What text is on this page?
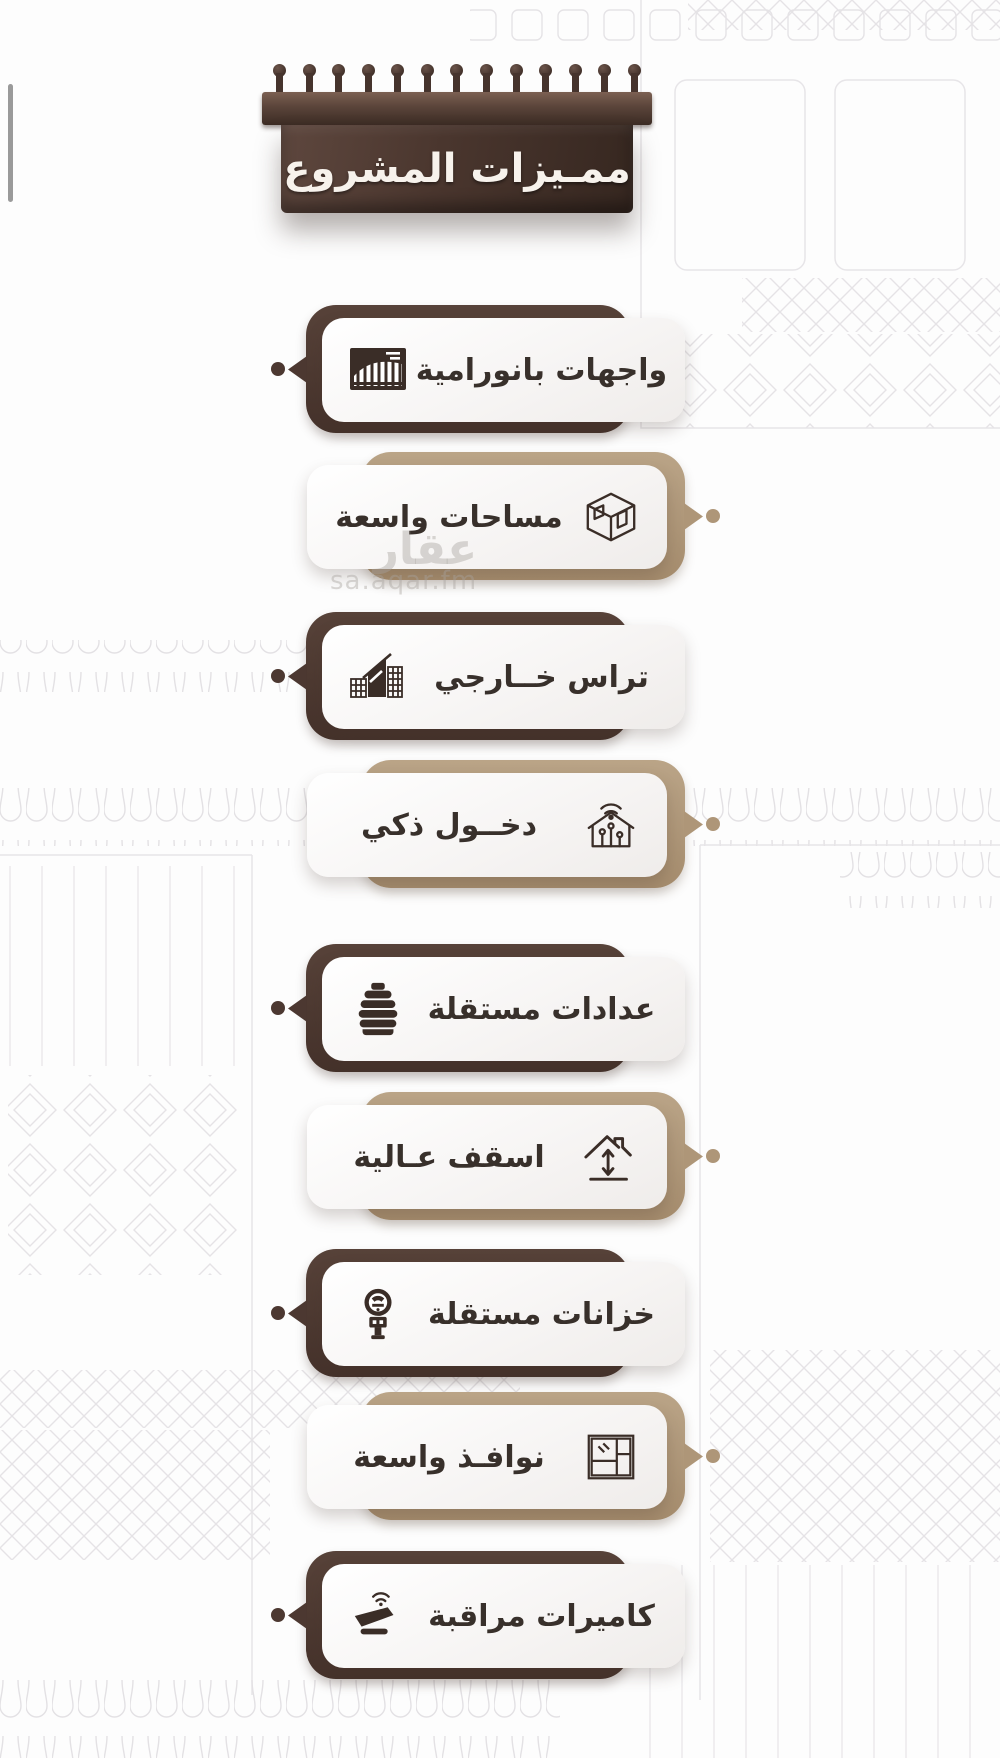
ممـيزات المشروع
عقار
sa.aqar.fm
واجهات بانورامية
مساحات واسعة
تراس خــارجي
دخــول ذكي
عدادات مستقلة
اسقف عـالية
خزانات مستقلة
نوافـذ واسعة
كاميرات مراقبة
